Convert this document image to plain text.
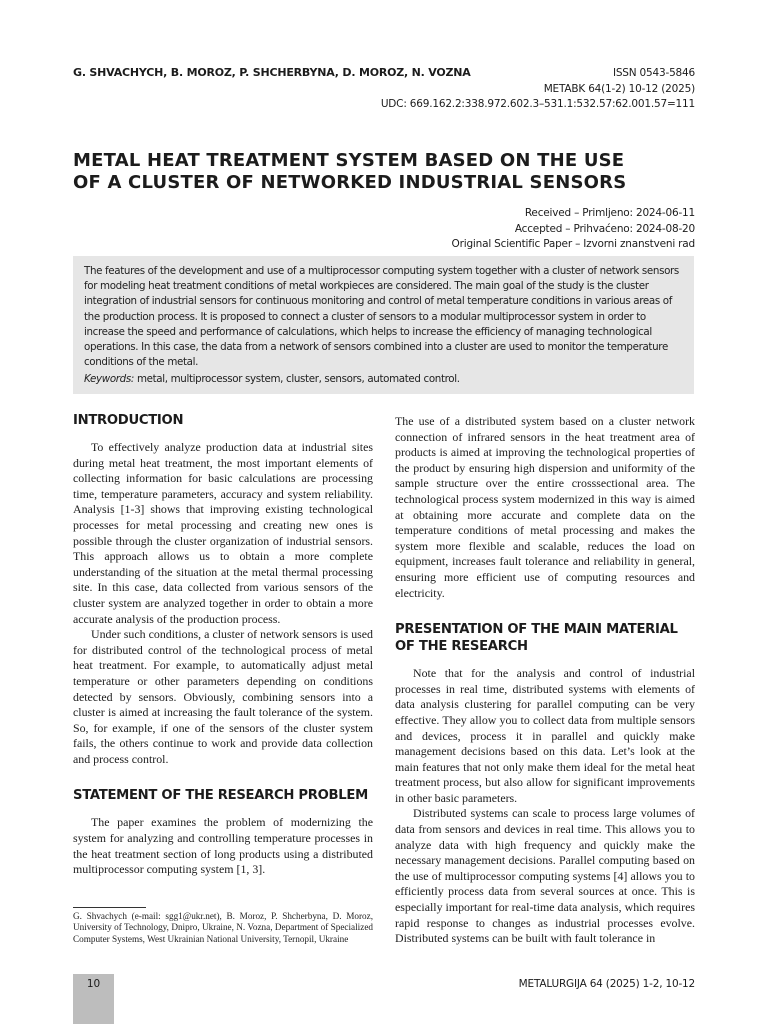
G. SHVACHYCH, B. MOROZ, P. SHCHERBYNA, D. MOROZ, N. VOZNA	ISSN 0543-5846
METABK 64(1-2) 10-12 (2025)
UDC: 669.162.2:338.972.602.3–531.1:532.57:62.001.57=111
METAL HEAT TREATMENT SYSTEM BASED ON THE USE
OF A CLUSTER OF NETWORKED INDUSTRIAL SENSORS
Received – Primljeno: 2024-06-11
Accepted – Prihvaćeno: 2024-08-20
Original Scientific Paper – Izvorni znanstveni rad

The features of the development and use of a multiprocessor computing system together with a cluster of network sensors for modeling heat treatment conditions of metal workpieces are considered. The main goal of the study is the cluster integration of industrial sensors for continuous monitoring and control of metal temperature conditions in various areas of the production process. It is proposed to connect a cluster of sensors to a modular multiprocessor system in order to increase the speed and performance of calculations, which helps to increase the efficiency of managing technological operations. In this case, the data from a network of sensors combined into a cluster are used to monitor the temperature conditions of the metal.

Keywords: metal, multiprocessor system, cluster, sensors, automated control.

INTRODUCTION

To effectively analyze production data at industrial sites during metal heat treatment, the most important elements of collecting information for basic calculations are processing time, temperature parameters, accuracy and system reliability. Analysis [1-3] shows that improving existing technological processes for metal processing and creating new ones is possible through the cluster organization of industrial sensors. This approach allows us to obtain a more complete understanding of the situation at the metal thermal processing site. In this case, data collected from various sensors of the cluster system are analyzed together in order to obtain a more accurate analysis of the production process.

Under such conditions, a cluster of network sensors is used for distributed control of the technological process of metal heat treatment. For example, to automatically adjust metal temperature or other parameters depending on conditions detected by sensors. Obviously, combining sensors into a cluster is aimed at increasing the fault tolerance of the system. So, for example, if one of the sensors of the cluster system fails, the others continue to work and provide data collection and process control.

STATEMENT OF THE RESEARCH PROBLEM

The paper examines the problem of modernizing the system for analyzing and controlling temperature processes in the heat treatment section of long products using a distributed multiprocessor computing system [1, 3].

The use of a distributed system based on a cluster network connection of infrared sensors in the heat treatment area of products is aimed at improving the technological properties of the product by ensuring high dispersion and uniformity of the sample structure over the entire crosssectional area. The technological process system modernized in this way is aimed at obtaining more accurate and complete data on the temperature conditions of metal processing and makes the system more flexible and scalable, reduces the load on equipment, increases fault tolerance and reliability in general, ensuring more efficient use of computing resources and electricity.

PRESENTATION OF THE MAIN MATERIAL
OF THE RESEARCH

Note that for the analysis and control of industrial processes in real time, distributed systems with elements of data analysis clustering for parallel computing can be very effective. They allow you to collect data from multiple sensors and devices, process it in parallel and quickly make management decisions based on this data. Let’s look at the main features that not only make them ideal for the metal heat treatment process, but also allow for significant improvements in other basic parameters.

Distributed systems can scale to process large volumes of data from sensors and devices in real time. This allows you to analyze data with high frequency and quickly make the necessary management decisions. Parallel computing based on the use of multiprocessor computing systems [4] allows you to efficiently process data from several sources at once. This is especially important for real-time data analysis, which requires rapid response to changes as industrial processes evolve. Distributed systems can be built with fault tolerance in

G. Shvachych (e-mail: sgg1@ukr.net), B. Moroz, P. Shcherbyna, D. Moroz, University of Technology, Dnipro, Ukraine, N. Vozna, Department of Specialized Computer Systems, West Ukrainian National University, Ternopil, Ukraine
10	METALURGIJA 64 (2025) 1-2, 10-12
